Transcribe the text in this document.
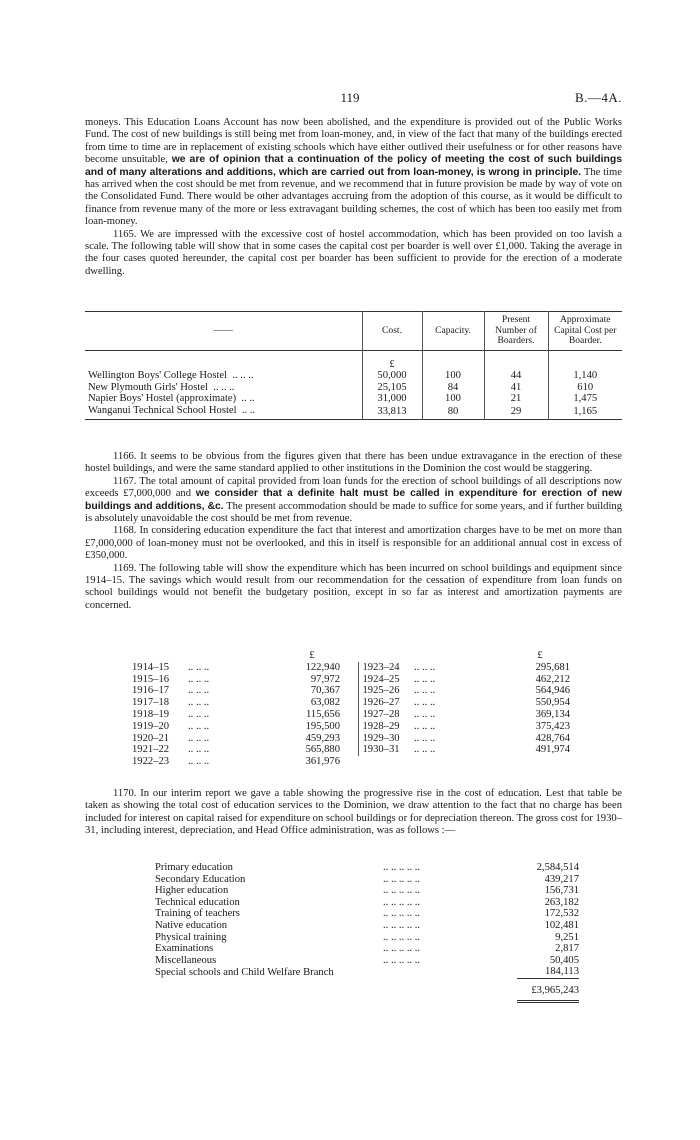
119	B.—4A.

moneys. This Education Loans Account has now been abolished, and the expenditure is provided out of the Public Works Fund. The cost of new buildings is still being met from loan-money, and, in view of the fact that many of the buildings erected from time to time are in replacement of existing schools which have either outlived their usefulness or for other reasons have become unsuitable, we are of opinion that a continuation of the policy of meeting the cost of such buildings and of many alterations and additions, which are carried out from loan-money, is wrong in principle. The time has arrived when the cost should be met from revenue, and we recommend that in future provision be made by way of vote on the Consolidated Fund. There would be other advantages accruing from the adoption of this course, as it would be difficult to finance from revenue many of the more or less extravagant building schemes, the cost of which has been too easily met from loan-money.

1165. We are impressed with the excessive cost of hostel accommodation, which has been provided on too lavish a scale. The following table will show that in some cases the capital cost per boarder is well over £1,000. Taking the average in the four cases quoted hereunder, the capital cost per boarder has been sufficient to provide for the erection of a moderate dwelling.

——	Cost.	Capacity.	Present Number of Boarders.	Approximate Capital Cost per Boarder.
	£			
Wellington Boys' College Hostel .. .. ..	50,000	100	44	1,140
New Plymouth Girls' Hostel .. .. ..	25,105	84	41	610
Napier Boys' Hostel (approximate) .. ..	31,000	100	21	1,475
Wanganui Technical School Hostel .. ..	33,813	80	29	1,165

1166. It seems to be obvious from the figures given that there has been undue extravagance in the erection of these hostel buildings, and were the same standard applied to other institutions in the Dominion the cost would be staggering.

1167. The total amount of capital provided from loan funds for the erection of school buildings of all descriptions now exceeds £7,000,000 and we consider that a definite halt must be called in expenditure for erection of new buildings and additions, &c. The present accommodation should be made to suffice for some years, and if further building is absolutely unavoidable the cost should be met from revenue.

1168. In considering education expenditure the fact that interest and amortization charges have to be met on more than £7,000,000 of loan-money must not be overlooked, and this in itself is responsible for an additional annual cost in excess of £350,000.

1169. The following table will show the expenditure which has been incurred on school buildings and equipment since 1914–15. The savings which would result from our recommendation for the cessation of expenditure from loan funds on school buildings would not benefit the budgetary position, except in so far as interest and amortization payments are concerned.

		£				£
1914–15	.. .. ..	122,940		1923–24	.. .. ..	295,681
1915–16	.. .. ..	97,972		1924–25	.. .. ..	462,212
1916–17	.. .. ..	70,367		1925–26	.. .. ..	564,946
1917–18	.. .. ..	63,082		1926–27	.. .. ..	550,954
1918–19	.. .. ..	115,656		1927–28	.. .. ..	369,134
1919–20	.. .. ..	195,500		1928–29	.. .. ..	375,423
1920–21	.. .. ..	459,293		1929–30	.. .. ..	428,764
1921–22	.. .. ..	565,880		1930–31	.. .. ..	491,974
1922–23	.. .. ..	361,976				

1170. In our interim report we gave a table showing the progressive rise in the cost of education. Lest that table be taken as showing the total cost of education services to the Dominion, we draw attention to the fact that no charge has been included for interest on capital raised for expenditure on school buildings or for depreciation thereon. The gross cost for 1930–31, including interest, depreciation, and Head Office administration, was as follows :—

Primary education	.. .. .. .. ..	2,584,514
Secondary Education	.. .. .. .. ..	439,217
Higher education	.. .. .. .. ..	156,731
Technical education	.. .. .. .. ..	263,182
Training of teachers	.. .. .. .. ..	172,532
Native education	.. .. .. .. ..	102,481
Physical training	.. .. .. .. ..	9,251
Examinations	.. .. .. .. ..	2,817
Miscellaneous	.. .. .. .. ..	50,405
Special schools and Child Welfare Branch		184,113
		£3,965,243
